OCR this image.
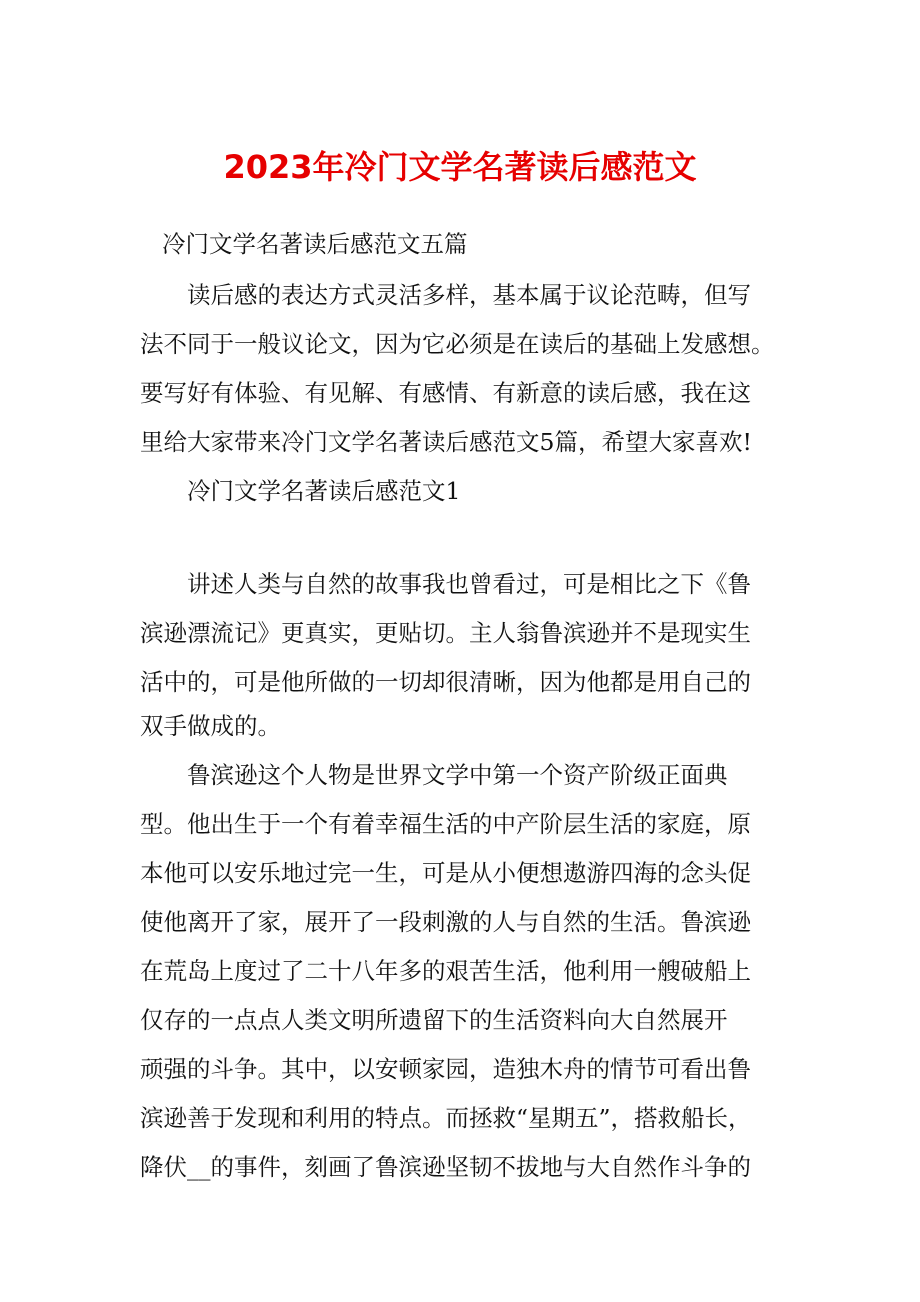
2023年冷门文学名著读后感范文
冷门文学名著读后感范文五篇
读后感的表达方式灵活多样，基本属于议论范畴，但写
法不同于一般议论文，因为它必须是在读后的基础上发感想。
要写好有体验、有见解、有感情、有新意的读后感，我在这
里给大家带来冷门文学名著读后感范文5篇，希望大家喜欢!
冷门文学名著读后感范文1
讲述人类与自然的故事我也曾看过，可是相比之下《鲁
滨逊漂流记》更真实，更贴切。主人翁鲁滨逊并不是现实生
活中的，可是他所做的一切却很清晰，因为他都是用自己的
双手做成的。
鲁滨逊这个人物是世界文学中第一个资产阶级正面典
型。他出生于一个有着幸福生活的中产阶层生活的家庭，原
本他可以安乐地过完一生，可是从小便想遨游四海的念头促
使他离开了家，展开了一段刺激的人与自然的生活。鲁滨逊
在荒岛上度过了二十八年多的艰苦生活，他利用一艘破船上
仅存的一点点人类文明所遗留下的生活资料向大自然展开
顽强的斗争。其中，以安顿家园，造独木舟的情节可看出鲁
滨逊善于发现和利用的特点。而拯救“星期五”，搭救船长，
降伏__的事件，刻画了鲁滨逊坚韧不拔地与大自然作斗争的
